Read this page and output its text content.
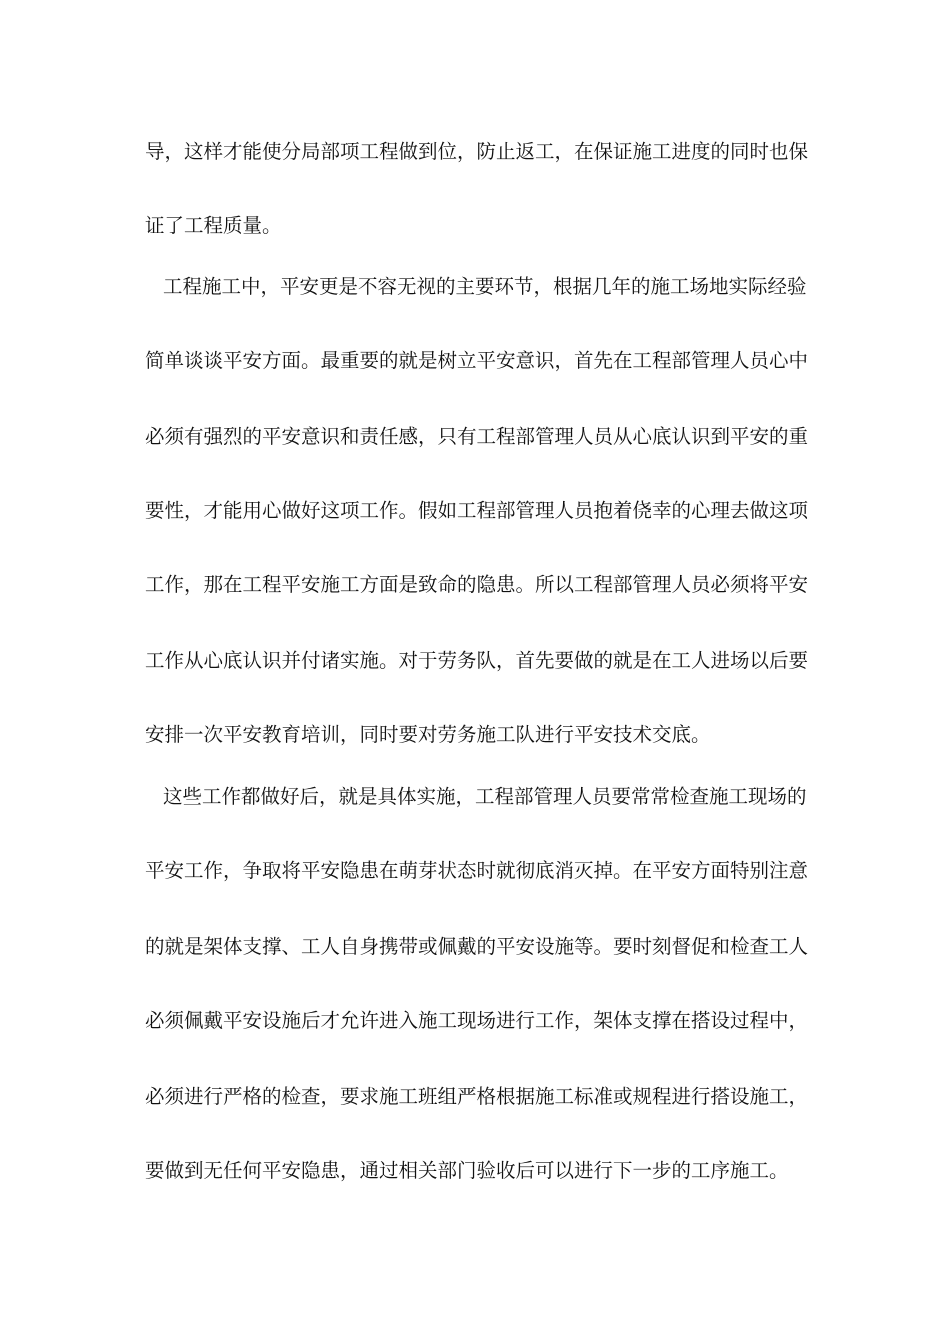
导，这样才能使分局部项工程做到位，防止返工，在保证施工进度的同时也保
证了工程质量。
工程施工中，平安更是不容无视的主要环节，根据几年的施工场地实际经验
简单谈谈平安方面。最重要的就是树立平安意识，首先在工程部管理人员心中
必须有强烈的平安意识和责任感，只有工程部管理人员从心底认识到平安的重
要性，才能用心做好这项工作。假如工程部管理人员抱着侥幸的心理去做这项
工作，那在工程平安施工方面是致命的隐患。所以工程部管理人员必须将平安
工作从心底认识并付诸实施。对于劳务队，首先要做的就是在工人进场以后要
安排一次平安教育培训，同时要对劳务施工队进行平安技术交底。
这些工作都做好后，就是具体实施，工程部管理人员要常常检查施工现场的
平安工作，争取将平安隐患在萌芽状态时就彻底消灭掉。在平安方面特别注意
的就是架体支撑、工人自身携带或佩戴的平安设施等。要时刻督促和检查工人
必须佩戴平安设施后才允许进入施工现场进行工作，架体支撑在搭设过程中，
必须进行严格的检查，要求施工班组严格根据施工标准或规程进行搭设施工，
要做到无任何平安隐患，通过相关部门验收后可以进行下一步的工序施工。
